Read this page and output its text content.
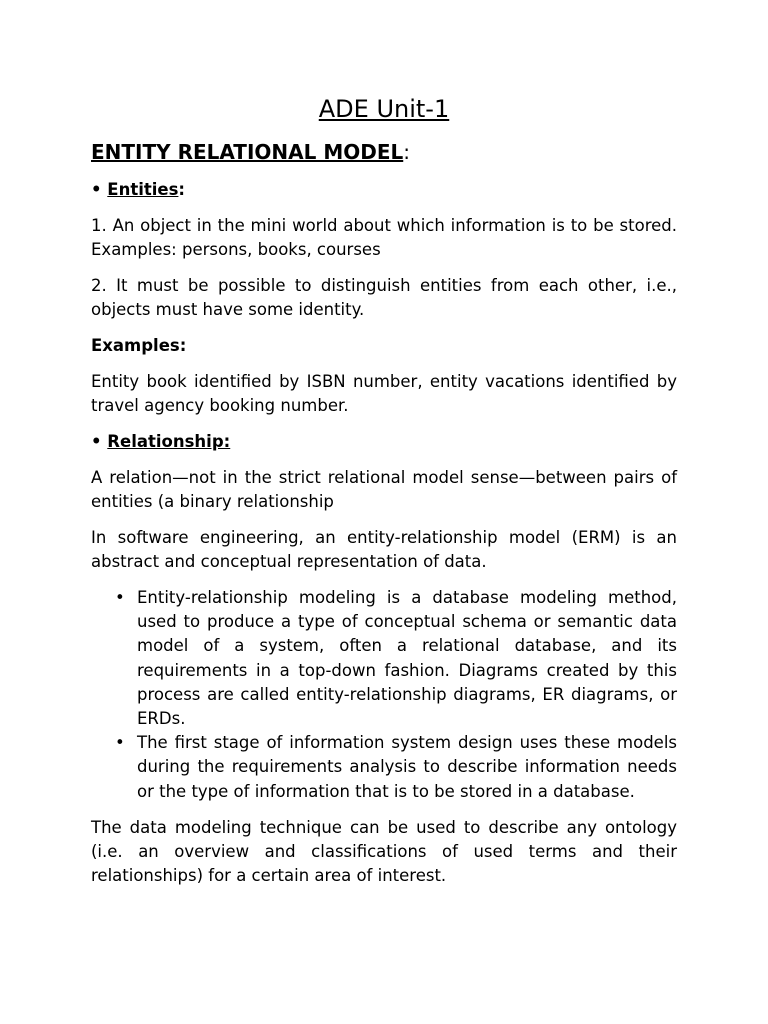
ADE Unit-1
ENTITY RELATIONAL MODEL:
• Entities:

1. An object in the mini world about which information is to be stored. Examples: persons, books, courses

2. It must be possible to distinguish entities from each other, i.e., objects must have some identity.

Examples:

Entity book identified by ISBN number, entity vacations identified by travel agency booking number.

• Relationship:

A relation—not in the strict relational model sense—between pairs of entities (a binary relationship

In software engineering, an entity-relationship model (ERM) is an abstract and conceptual representation of data.

• Entity-relationship modeling is a database modeling method, used to produce a type of conceptual schema or semantic data model of a system, often a relational database, and its requirements in a top-down fashion. Diagrams created by this process are called entity-relationship diagrams, ER diagrams, or ERDs.
• The first stage of information system design uses these models during the requirements analysis to describe information needs or the type of information that is to be stored in a database.

The data modeling technique can be used to describe any ontology (i.e. an overview and classifications of used terms and their relationships) for a certain area of interest.
